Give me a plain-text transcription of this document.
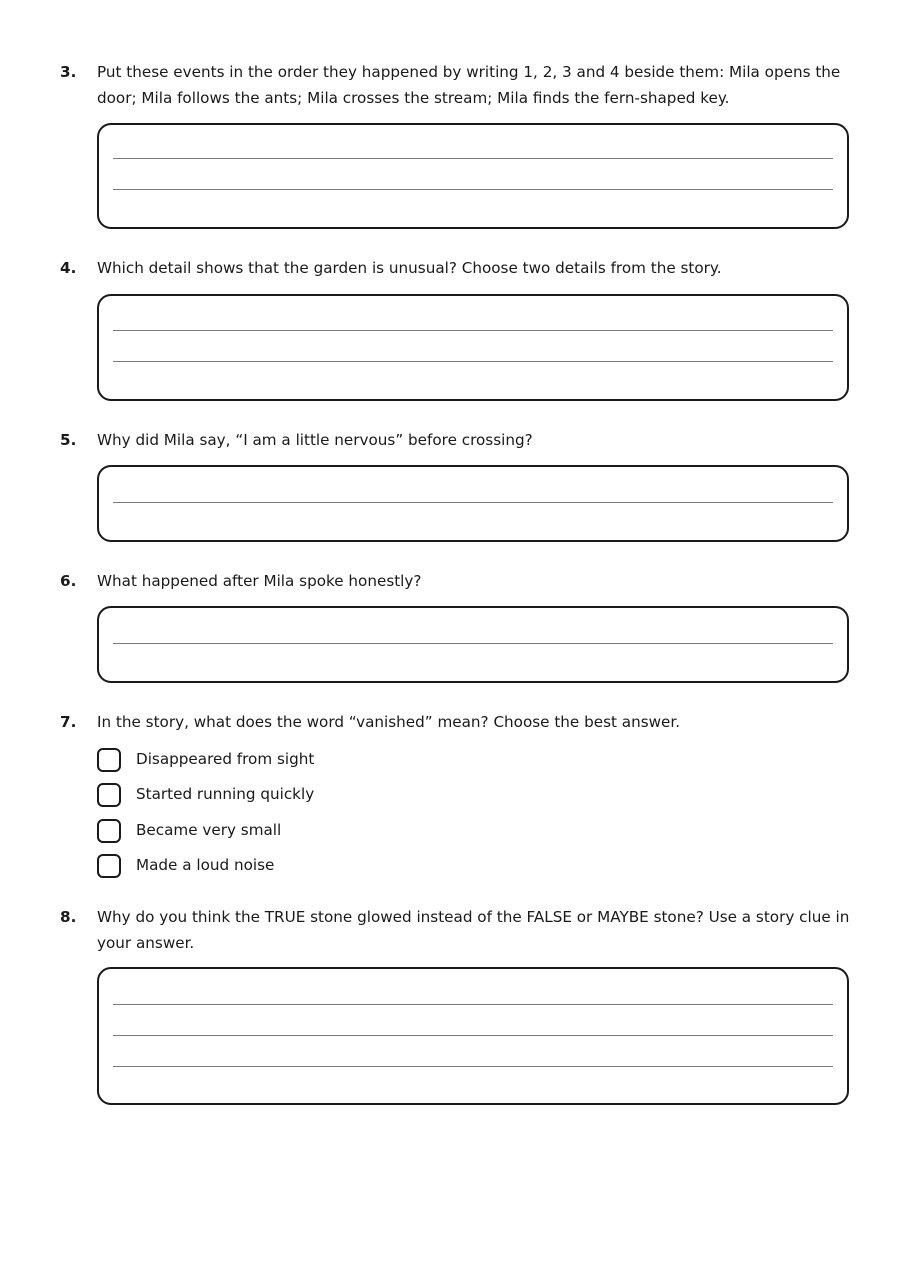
3. Put these events in the order they happened by writing 1, 2, 3 and 4 beside them: Mila opens the door; Mila follows the ants; Mila crosses the stream; Mila finds the fern-shaped key.
4. Which detail shows that the garden is unusual? Choose two details from the story.
5. Why did Mila say, “I am a little nervous” before crossing?
6. What happened after Mila spoke honestly?
7. In the story, what does the word “vanished” mean? Choose the best answer.
Disappeared from sight
Started running quickly
Became very small
Made a loud noise
8. Why do you think the TRUE stone glowed instead of the FALSE or MAYBE stone? Use a story clue in your answer.
